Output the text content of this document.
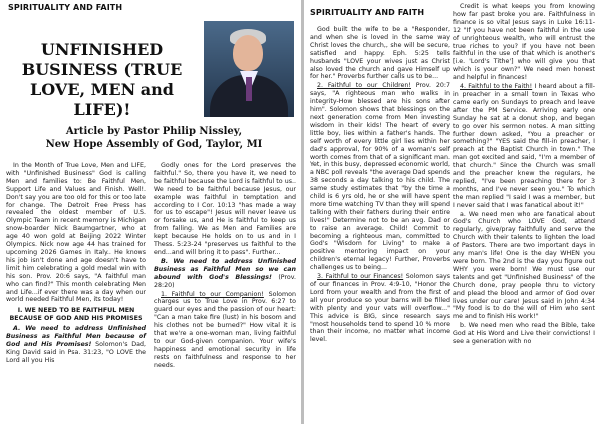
SPIRITUALITY AND FAITH
UNFINISHED BUSINESS (TRUE LOVE, MEN and LIFE)!
Article by Pastor Philip Nissley,
New Hope Assembly of God, Taylor, MI

In the Month of True Love, Men and LIFE, with "Unfinished Business" God is calling Men and families to: Be Faithful Men, Support Life and Values and Finish. Well!. Don't say you are too old for this or too late for change. The Detroit Free Press has revealed the oldest member of U.S. Olympic Team in recent memory is Michigan snow-boarder Nick Baumgartner, who at age 40 won gold at Beijing 2022 Winter Olympics. Nick now age 44 has trained for upcoming 2026 Games in Italy.. He knows his job isn't done and age doesn't have to limit him celebrating a gold medal win with his son. Prov. 20:6 says, "A faithful man who can find?" This month celebrating Men and Life...if ever there was a day when our world needed Faithful Men, its today!

I. WE NEED TO BE FAITHFUL MEN BECAUSE OF GOD AND HIS PROMISES

A. We need to address Unfinished Business as Faithful Men because of God and His Promises! Solomon's Dad, King David said in Psa. 31:23, "O LOVE the Lord all you His

Godly ones for the Lord preserves the faithful." So, there you have it, we need to be faithful because the Lord is faithful to us.. We need to be faithful because Jesus, our example was faithful in temptation and according to I Cor. 10:13 "has made a way for us to escape"! Jesus will never leave us or forsake us, and He is faithful to keep us from falling. We as Men and Families are kept because He holds on to us and in I Thess. 5:23-24 "preserves us faithful to the end...and will bring it to pass". Further...

B. We need to address Unfinished Business as Faithful Men so we can abound with God's Blessings! (Prov. 28:20)

1. Faithful to our Companion! Solomon charges us to True Love in Prov. 6:27 to guard our eyes and the passion of our heart: "Can a man take fire (lust) in his bosom and his clothes not be burned?" How vital it is that we're a one-woman man, living faithful to our God-given companion. Your wife's happiness and emotional security in life rests on faithfulness and response to her needs.

SPIRITUALITY AND FAITH

God built the wife to be a "Responder, and when she is loved in the same way Christ loves the church,, she will be secure, satisfied and happy. Eph. 5:25 tells husbands "LOVE your wives just as Christ also loved the church and gave Himself up for her." Proverbs further calls us to be...

2. Faithful to our Children! Prov. 20:7 says, "A righteous man who walks in integrity-How blessed are his sons after him". Solomon shows that blessings on the next generation come from Men investing wisdom in their kids! The heart of every little boy, lies within a father's hands. The self worth of every little girl lies within her dad's approval, for 90% of a woman's self worth comes from that of a significant man. Yet, in this busy, depressed economic world, a NBC poll reveals "the average Dad spends 38 seconds a day talking to his child. The same study estimates that "by the time a child is 6 yrs old, he or she will have spent more time watching TV than they will spend talking with their fathers during their entire lives!" Determine not to be an avg. Dad or to raise an average. Child! Commit to becoming a righteous man, committed to God's "Wisdom for Living" to make a positive mentoring impact on your children's eternal legacy! Further, Proverbs challenges us to being...

3. Faithful to our Finances! Solomon says of our finances in Prov. 4:9-10, "Honor the Lord from your wealth and from the first of all your produce so your barns will be filled with plenty and your vats will overflow..." This advice is BIG, since research says "most households tend to spend 10 % more than their income, no matter what income level.

Credit is what keeps you from knowing how far past broke you are. Faithfulness in finance is so vital Jesus says in Luke 16:11-12 "If you have not been faithful in the use of unrighteous wealth, who will entrust the true riches to you? If you have not been faithful in the use of that which is another's [i.e. 'Lord's Tithe'] who will give you that which is your own?" We need men honest and helpful in finances!

4. Faithful to the Faith! I heard about a fill-in preacher in a small town in Texas who came early on Sundays to preach and leave after the PM Service. Arriving early one Sunday he sat at a donut shop, and began to go over his sermon notes. A man sitting further down asked, "You a preacher or something?" "YES said the fill-in preacher, I preach at the Baptist Church in town." The man got excited and said, "I'm a member of that church." Since the Church was small and the preacher knew the regulars, he replied, "I've been preaching there for 3 months, and I've never seen you." To which the man replied "I said I was a member, but I never said that I was fanatical about it!"

a. We need men who are fanatical about God's Church who LOVE God, attend regularly, give/pray faithfully and serve the Church with their talents to lighten the load of Pastors. There are two important days in any man's life! One is the day WHEN you were born. The 2nd is the day you figure out WHY you were born! We must use our talents and get "Unfinished Business" of the Church done, pray people thru to victory and plead the blood and armor of God over lives under our care! Jesus said in John 4:34 "My food is to do the will of Him who sent me and to finish His work!"

b. We need men who read the Bible, take God at His Word and Live their convictions! I see a generation with no
